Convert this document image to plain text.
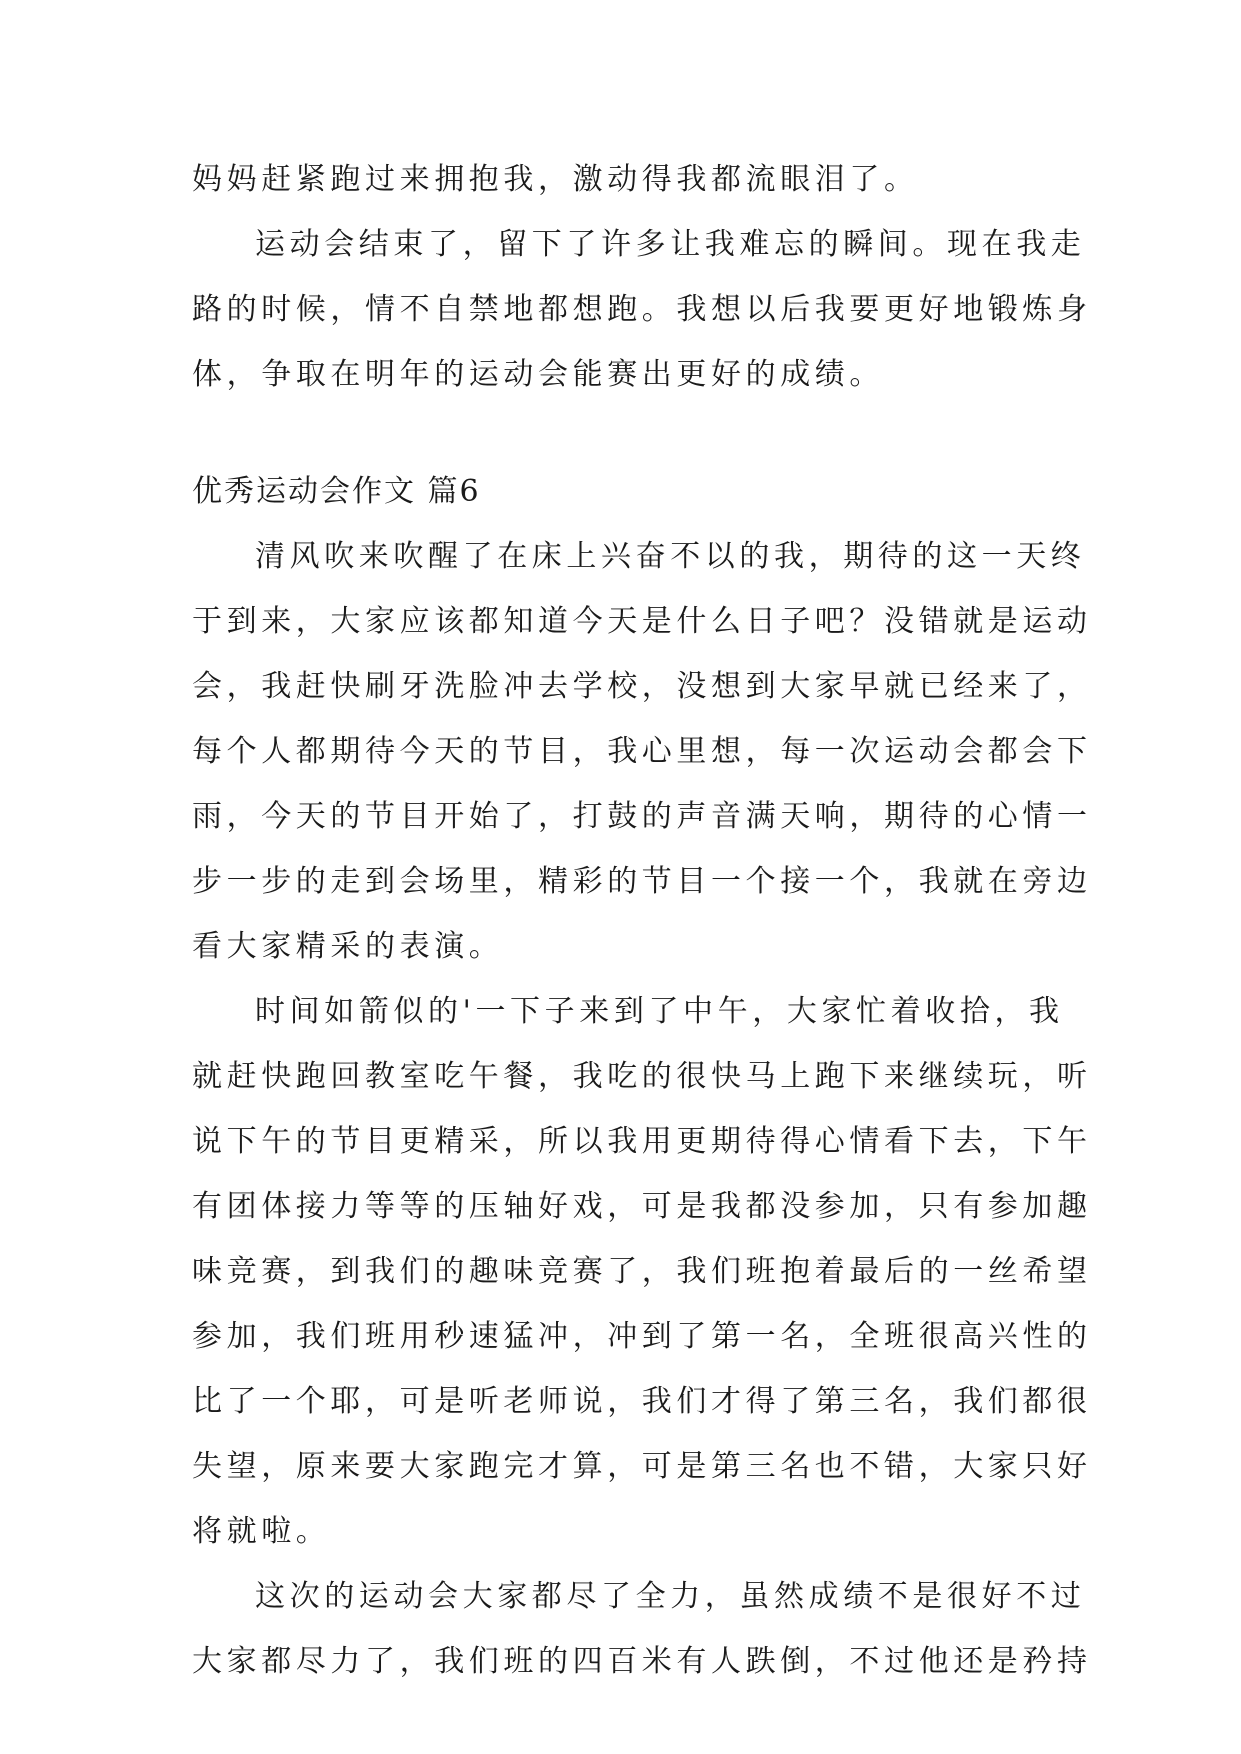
妈妈赶紧跑过来拥抱我，激动得我都流眼泪了。
运动会结束了，留下了许多让我难忘的瞬间。现在我走
路的时候，情不自禁地都想跑。我想以后我要更好地锻炼身
体，争取在明年的运动会能赛出更好的成绩。
优秀运动会作文 篇6
清风吹来吹醒了在床上兴奋不以的我，期待的这一天终
于到来，大家应该都知道今天是什么日子吧？没错就是运动
会，我赶快刷牙洗脸冲去学校，没想到大家早就已经来了，
每个人都期待今天的节目，我心里想，每一次运动会都会下
雨，今天的节目开始了，打鼓的声音满天响，期待的心情一
步一步的走到会场里，精彩的节目一个接一个，我就在旁边
看大家精采的表演。
时间如箭似的'一下子来到了中午，大家忙着收拾，我
就赶快跑回教室吃午餐，我吃的很快马上跑下来继续玩，听
说下午的节目更精采，所以我用更期待得心情看下去，下午
有团体接力等等的压轴好戏，可是我都没参加，只有参加趣
味竞赛，到我们的趣味竞赛了，我们班抱着最后的一丝希望
参加，我们班用秒速猛冲，冲到了第一名，全班很高兴性的
比了一个耶，可是听老师说，我们才得了第三名，我们都很
失望，原来要大家跑完才算，可是第三名也不错，大家只好
将就啦。
这次的运动会大家都尽了全力，虽然成绩不是很好不过
大家都尽力了，我们班的四百米有人跌倒，不过他还是矜持
